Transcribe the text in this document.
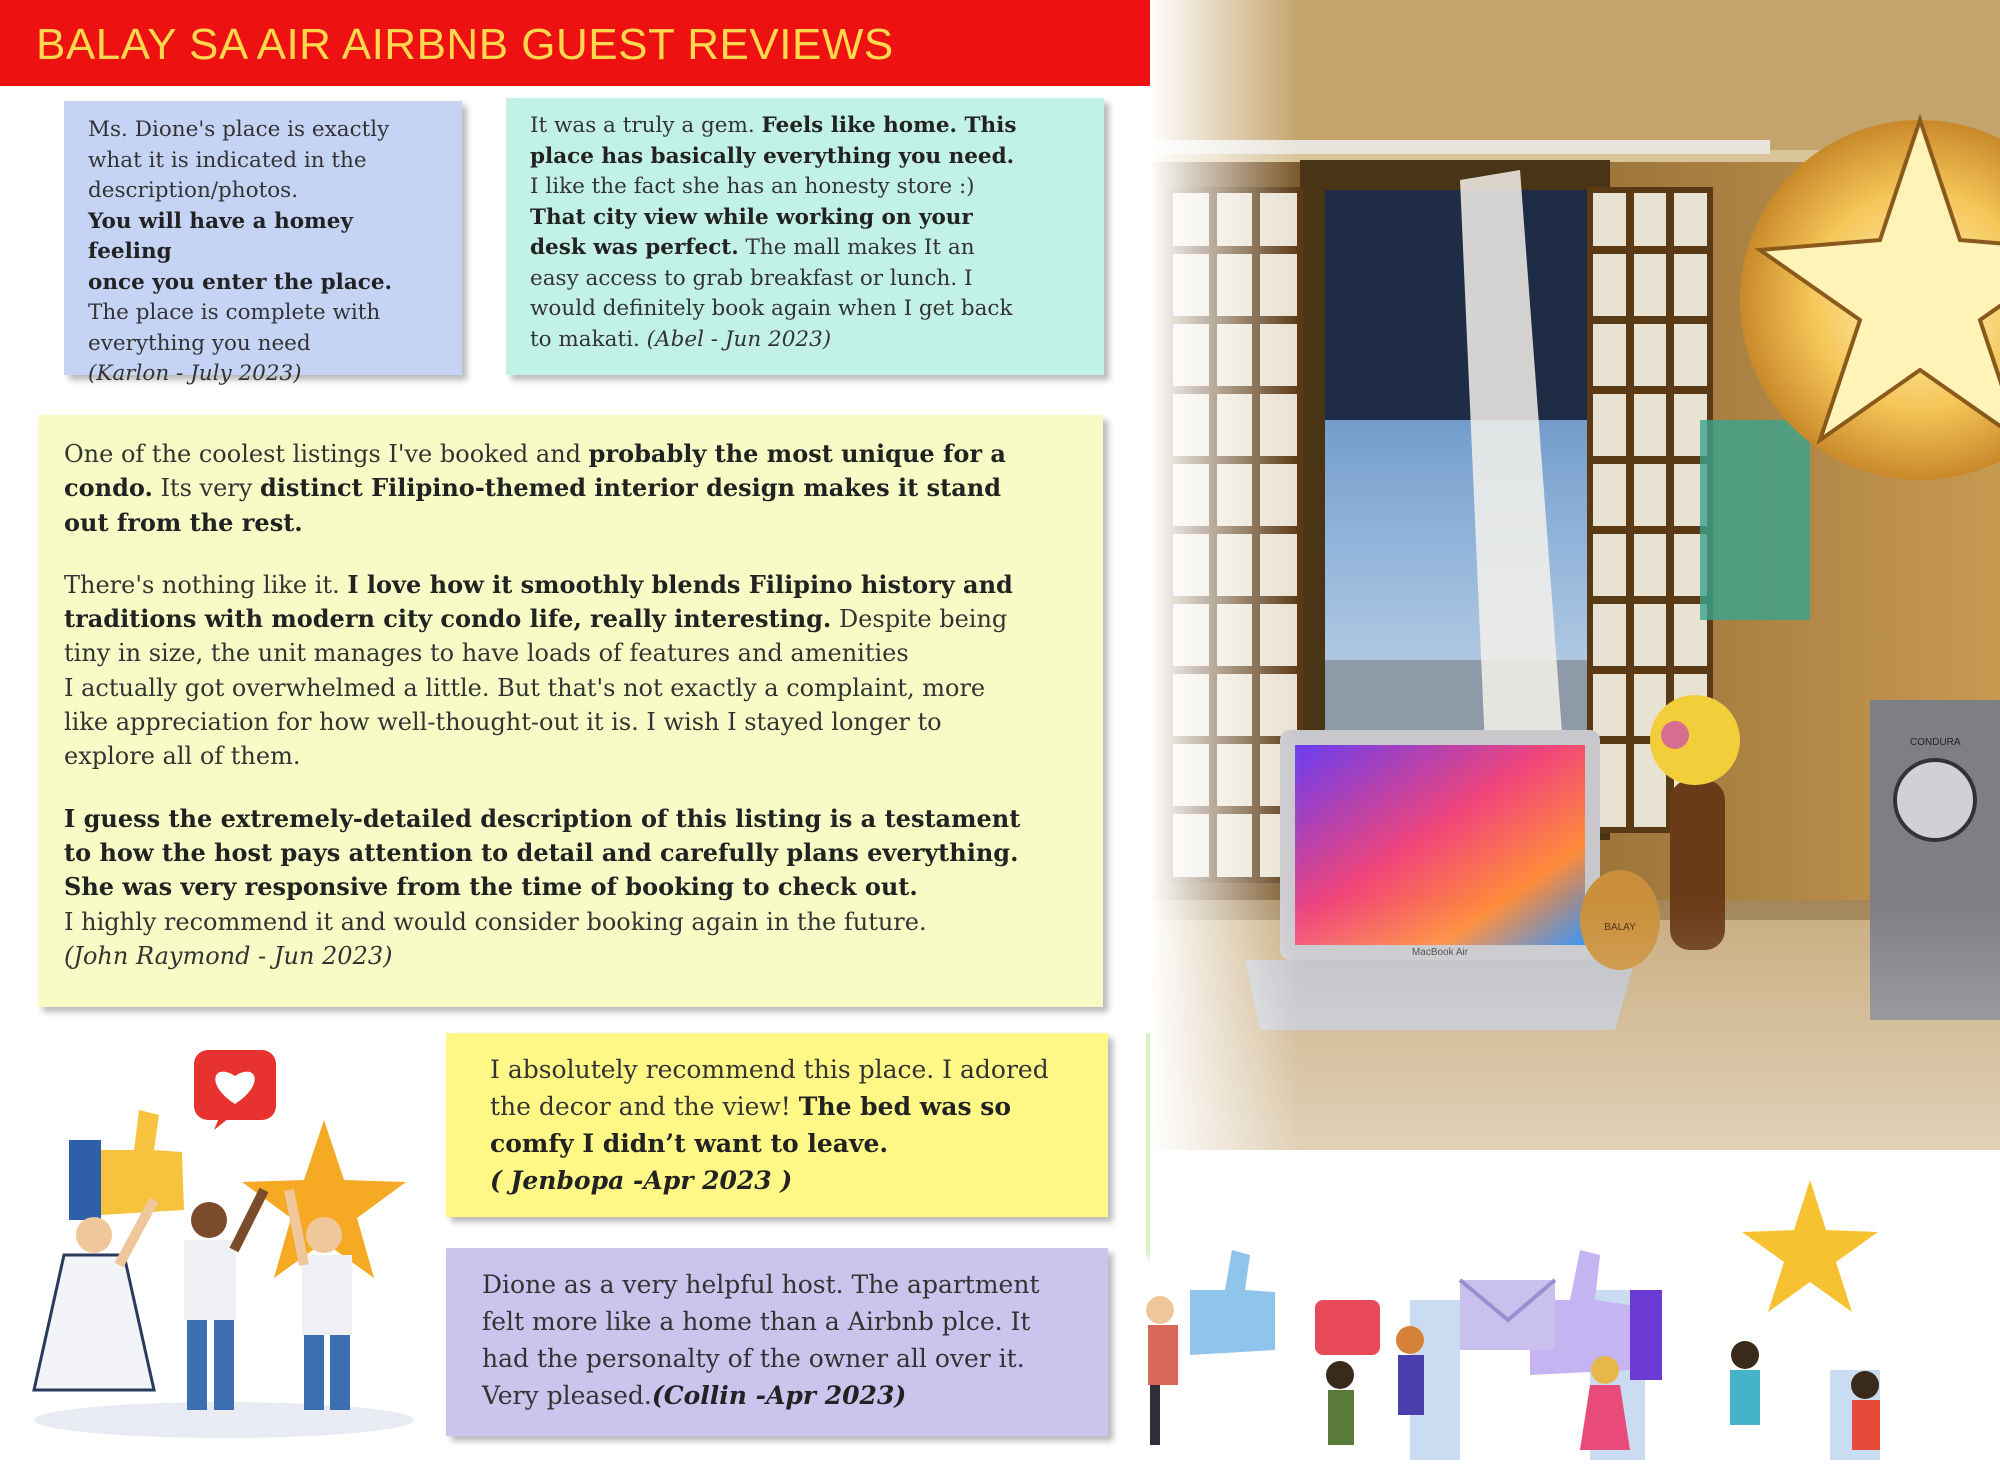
BALAY SA AIR AIRBNB GUEST REVIEWS

Ms. Dione's place is exactly

what it is indicated in the

description/photos.

You will have a homey feeling

once you enter the place.

The place is complete with

everything you need

(Karlon - July 2023)

It was a truly a gem. Feels like home. This

place has basically everything you need.

I like the fact she has an honesty store :)

That city view while working on your

desk was perfect. The mall makes It an

easy access to grab breakfast or lunch. I

would definitely book again when I get back

to makati. (Abel - Jun 2023)

One of the coolest listings I've booked and probably the most unique for a
condo. Its very distinct Filipino-themed interior design makes it stand
out from the rest.

There's nothing like it. I love how it smoothly blends Filipino history and
traditions with modern city condo life, really interesting. Despite being
tiny in size, the unit manages to have loads of features and amenities
I actually got overwhelmed a little. But that's not exactly a complaint, more
like appreciation for how well-thought-out it is. I wish I stayed longer to
explore all of them.

I guess the extremely-detailed description of this listing is a testament
to how the host pays attention to detail and carefully plans everything.
She was very responsive from the time of booking to check out.
I highly recommend it and would consider booking again in the future.
(John Raymond - Jun 2023)

I absolutely recommend this place. I adored

the decor and the view! The bed was so

comfy I didn’t want to leave.

( Jenbopa -Apr 2023 )

Dione as a very helpful host. The apartment

felt more like a home than a Airbnb plce. It

had the personalty of the owner all over it.

Very pleased.(Collin -Apr 2023)

CONDURA
